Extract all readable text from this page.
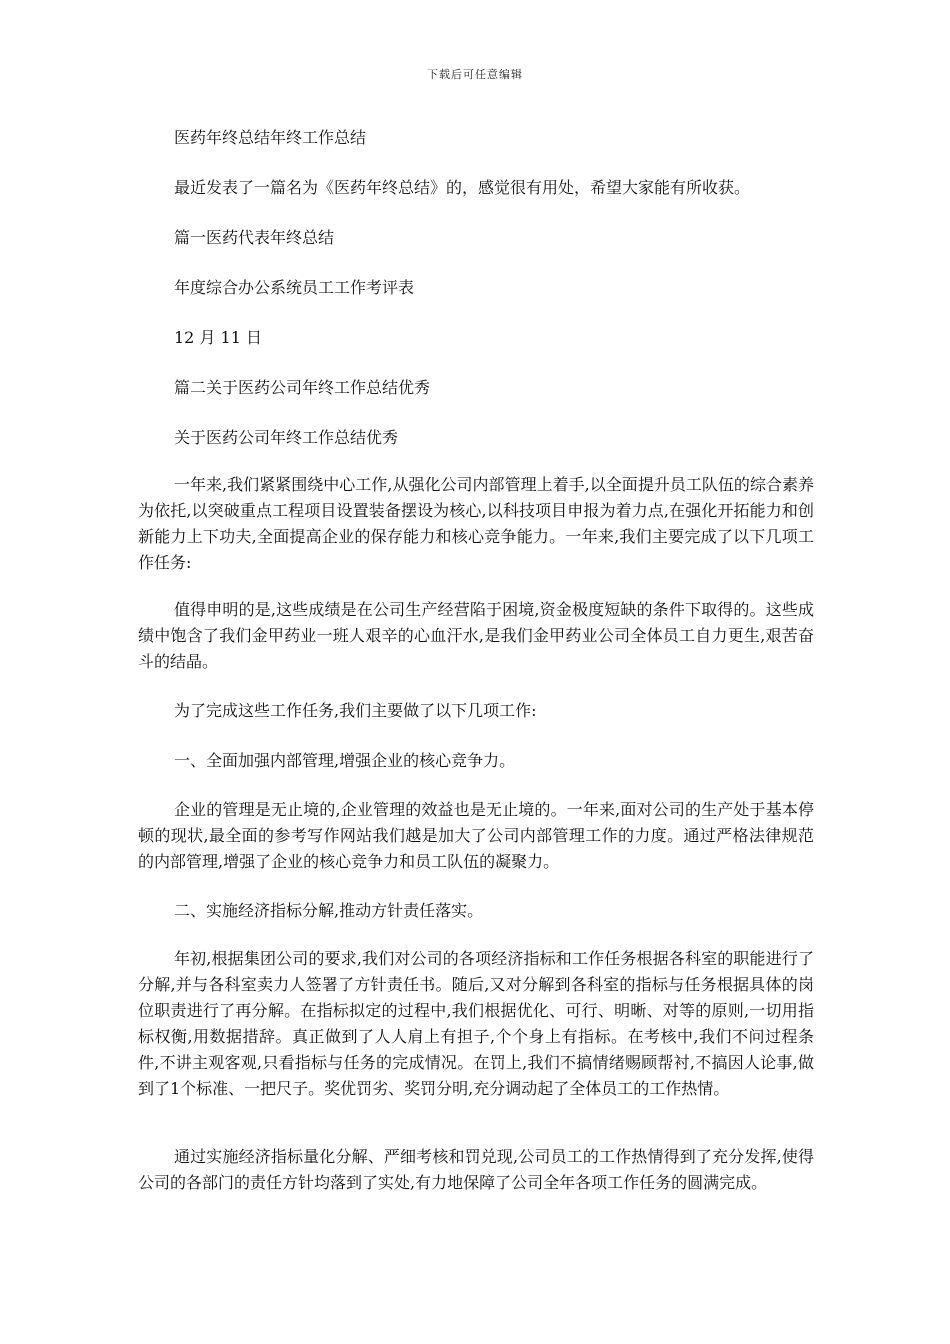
下载后可任意编辑
医药年终总结年终工作总结
最近发表了一篇名为《医药年终总结》的，感觉很有用处，希望大家能有所收获。
篇一医药代表年终总结
年度综合办公系统员工工作考评表
12 月 11 日
篇二关于医药公司年终工作总结优秀
关于医药公司年终工作总结优秀
一年来,我们紧紧围绕中心工作,从强化公司内部管理上着手,以全面提升员工队伍的综合素养为依托,以突破重点工程项目设置装备摆设为核心,以科技项目申报为着力点,在强化开拓能力和创新能力上下功夫,全面提高企业的保存能力和核心竞争能力。一年来,我们主要完成了以下几项工作任务:
值得申明的是,这些成绩是在公司生产经营陷于困境,资金极度短缺的条件下取得的。这些成绩中饱含了我们金甲药业一班人艰辛的心血汗水,是我们金甲药业公司全体员工自力更生,艰苦奋斗的结晶。
为了完成这些工作任务,我们主要做了以下几项工作:
一、全面加强内部管理,增强企业的核心竞争力。
企业的管理是无止境的,企业管理的效益也是无止境的。一年来,面对公司的生产处于基本停顿的现状,最全面的参考写作网站我们越是加大了公司内部管理工作的力度。通过严格法律规范的内部管理,增强了企业的核心竞争力和员工队伍的凝聚力。
二、实施经济指标分解,推动方针责任落实。
年初,根据集团公司的要求,我们对公司的各项经济指标和工作任务根据各科室的职能进行了分解,并与各科室卖力人签署了方针责任书。随后,又对分解到各科室的指标与任务根据具体的岗位职责进行了再分解。在指标拟定的过程中,我们根据优化、可行、明晰、对等的原则,一切用指标权衡,用数据措辞。真正做到了人人肩上有担子,个个身上有指标。在考核中,我们不问过程条件,不讲主观客观,只看指标与任务的完成情况。在罚上,我们不搞情绪赐顾帮衬,不搞因人论事,做到了1个标准、一把尺子。奖优罚劣、奖罚分明,充分调动起了全体员工的工作热情。
通过实施经济指标量化分解、严细考核和罚兑现,公司员工的工作热情得到了充分发挥,使得公司的各部门的责任方针均落到了实处,有力地保障了公司全年各项工作任务的圆满完成。
